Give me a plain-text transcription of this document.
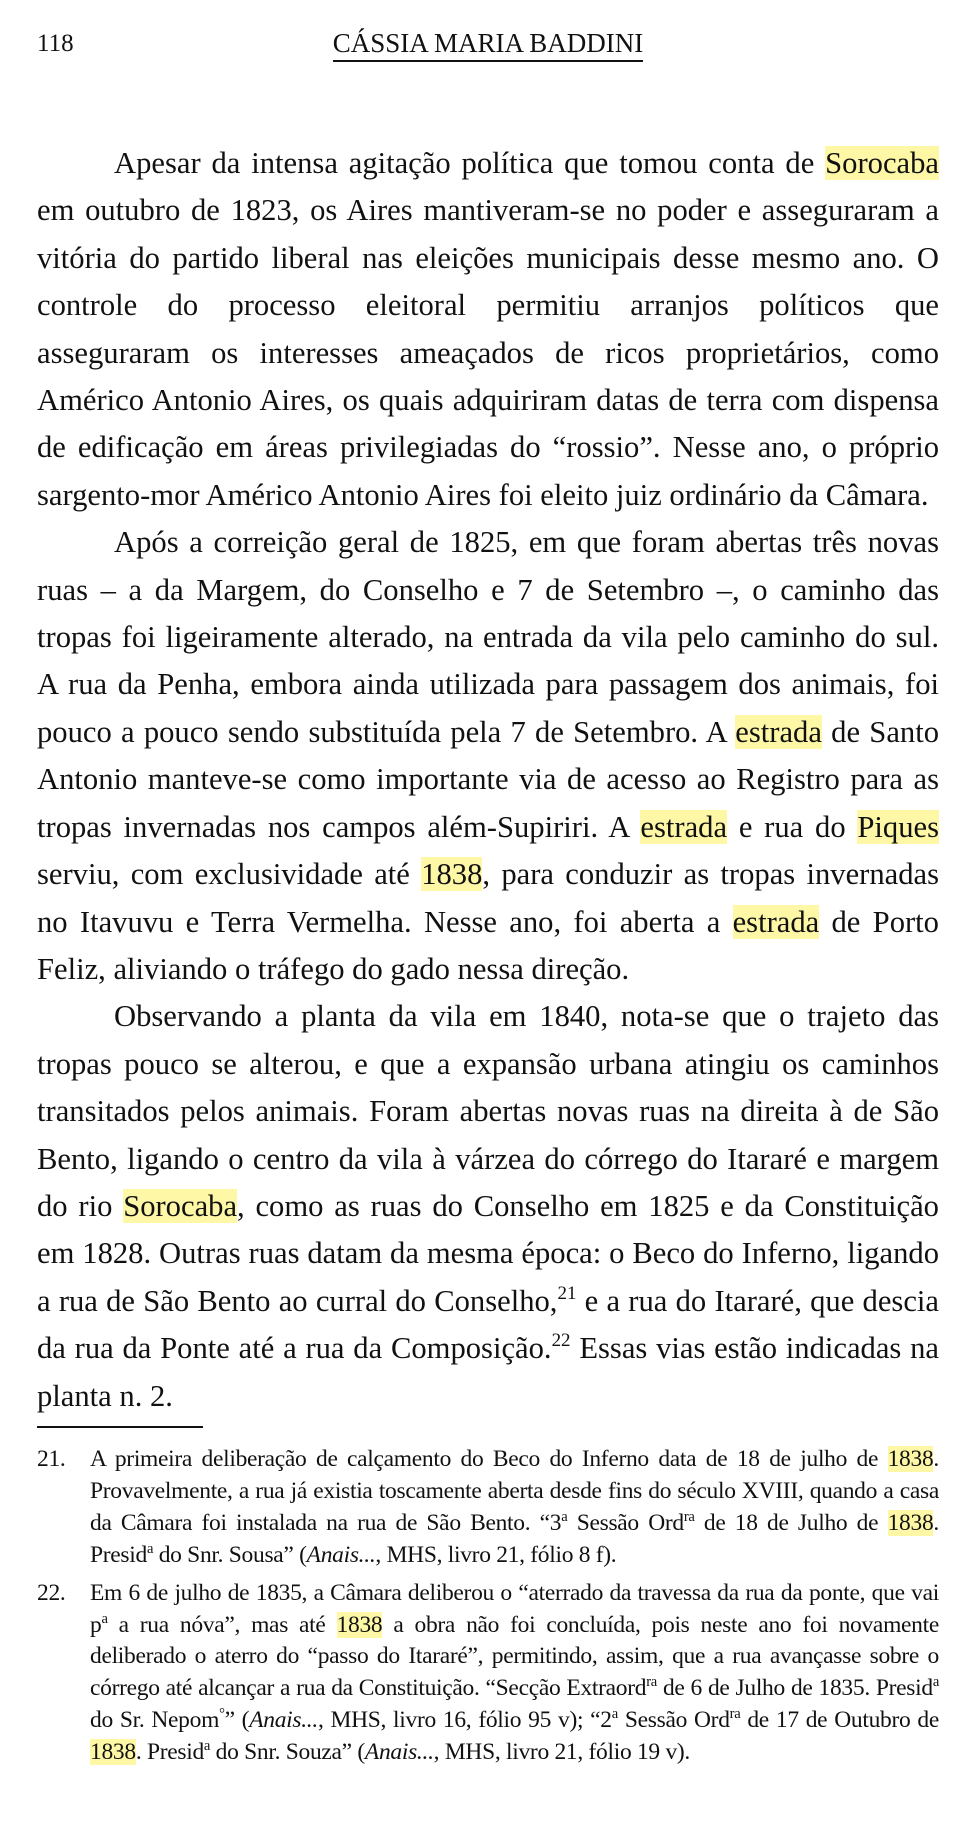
118	CÁSSIA MARIA BADDINI

Apesar da intensa agitação política que tomou conta de Sorocaba em outubro de 1823, os Aires mantiveram-se no poder e asseguraram a vitória do partido liberal nas eleições municipais desse mesmo ano. O controle do processo eleitoral permitiu arranjos políticos que asseguraram os interesses ameaçados de ricos proprietários, como Américo Antonio Aires, os quais adquiriram datas de terra com dispensa de edificação em áreas privilegiadas do “rossio”. Nesse ano, o próprio sargento-mor Américo Antonio Aires foi eleito juiz ordinário da Câmara.

Após a correição geral de 1825, em que foram abertas três novas ruas – a da Margem, do Conselho e 7 de Setembro –, o caminho das tropas foi ligeiramente alterado, na entrada da vila pelo caminho do sul. A rua da Penha, embora ainda utilizada para passagem dos animais, foi pouco a pouco sendo substituída pela 7 de Setembro. A estrada de Santo Antonio manteve-se como importante via de acesso ao Registro para as tropas invernadas nos campos além-Supiriri. A estrada e rua do Piques serviu, com exclusividade até 1838, para conduzir as tropas invernadas no Itavuvu e Terra Vermelha. Nesse ano, foi aberta a estrada de Porto Feliz, aliviando o tráfego do gado nessa direção.

Observando a planta da vila em 1840, nota-se que o trajeto das tropas pouco se alterou, e que a expansão urbana atingiu os caminhos transitados pelos animais. Foram abertas novas ruas na direita à de São Bento, ligando o centro da vila à várzea do córrego do Itararé e margem do rio Sorocaba, como as ruas do Conselho em 1825 e da Constituição em 1828. Outras ruas datam da mesma época: o Beco do Inferno, ligando a rua de São Bento ao curral do Conselho,$^{21}$ e a rua do Itararé, que descia da rua da Ponte até a rua da Composição.$^{22}$ Essas vias estão indicadas na planta n. 2.

21. A primeira deliberação de calçamento do Beco do Inferno data de 18 de julho de 1838. Provavelmente, a rua já existia toscamente aberta desde fins do século XVIII, quando a casa da Câmara foi instalada na rua de São Bento. “3$^a$ Sessão Ord$^{ra}$ de 18 de Julho de 1838. Presid$^a$ do Snr. Sousa” (Anais..., MHS, livro 21, fólio 8 f).

22. Em 6 de julho de 1835, a Câmara deliberou o “aterrado da travessa da rua da ponte, que vai $p^a$ a rua nóva”, mas até 1838 a obra não foi concluída, pois neste ano foi novamente deliberado o aterro do “passo do Itararé”, permitindo, assim, que a rua avançasse sobre o córrego até alcançar a rua da Constituição. “Secção Extraord$^{ra}$ de 6 de Julho de 1835. Presid$^a$ do Sr. Nepom°” (Anais..., MHS, livro 16, fólio 95 v); “2$^a$ Sessão Ord$^{ra}$ de 17 de Outubro de 1838. Presid$^a$ do Snr. Souza” (Anais..., MHS, livro 21, fólio 19 v).
